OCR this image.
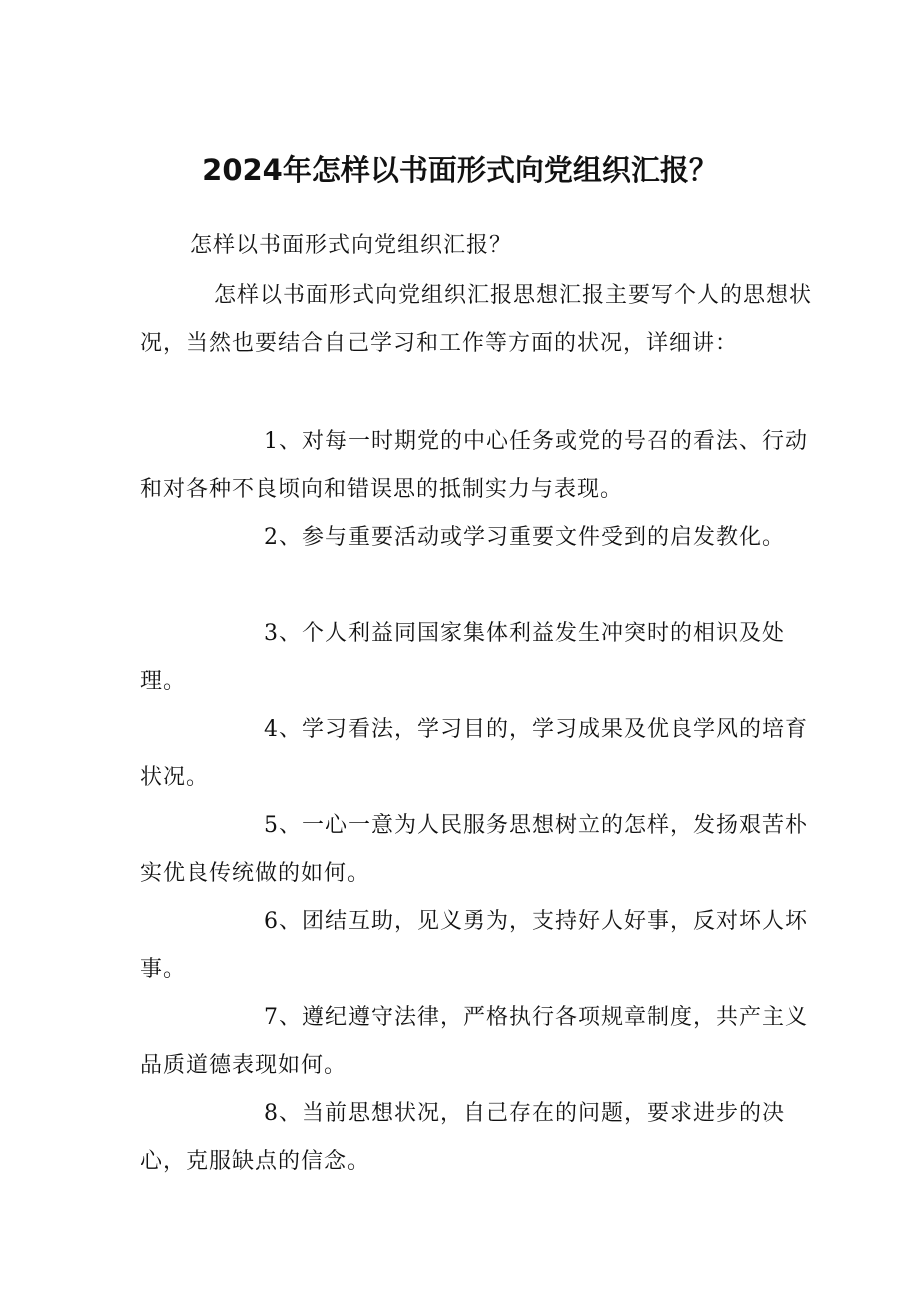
2024年怎样以书面形式向党组织汇报？

怎样以书面形式向党组织汇报？

怎样以书面形式向党组织汇报思想汇报主要写个人的思想状况，当然也要结合自己学习和工作等方面的状况，详细讲：

1、对每一时期党的中心任务或党的号召的看法、行动和对各种不良顷向和错误思的抵制实力与表现。

2、参与重要活动或学习重要文件受到的启发教化。

3、个人利益同国家集体利益发生冲突时的相识及处理。

4、学习看法，学习目的，学习成果及优良学风的培育状况。

5、一心一意为人民服务思想树立的怎样，发扬艰苦朴实优良传统做的如何。

6、团结互助，见义勇为，支持好人好事，反对坏人坏事。

7、遵纪遵守法律，严格执行各项规章制度，共产主义品质道德表现如何。

8、当前思想状况，自己存在的问题，要求进步的决心，克服缺点的信念。
